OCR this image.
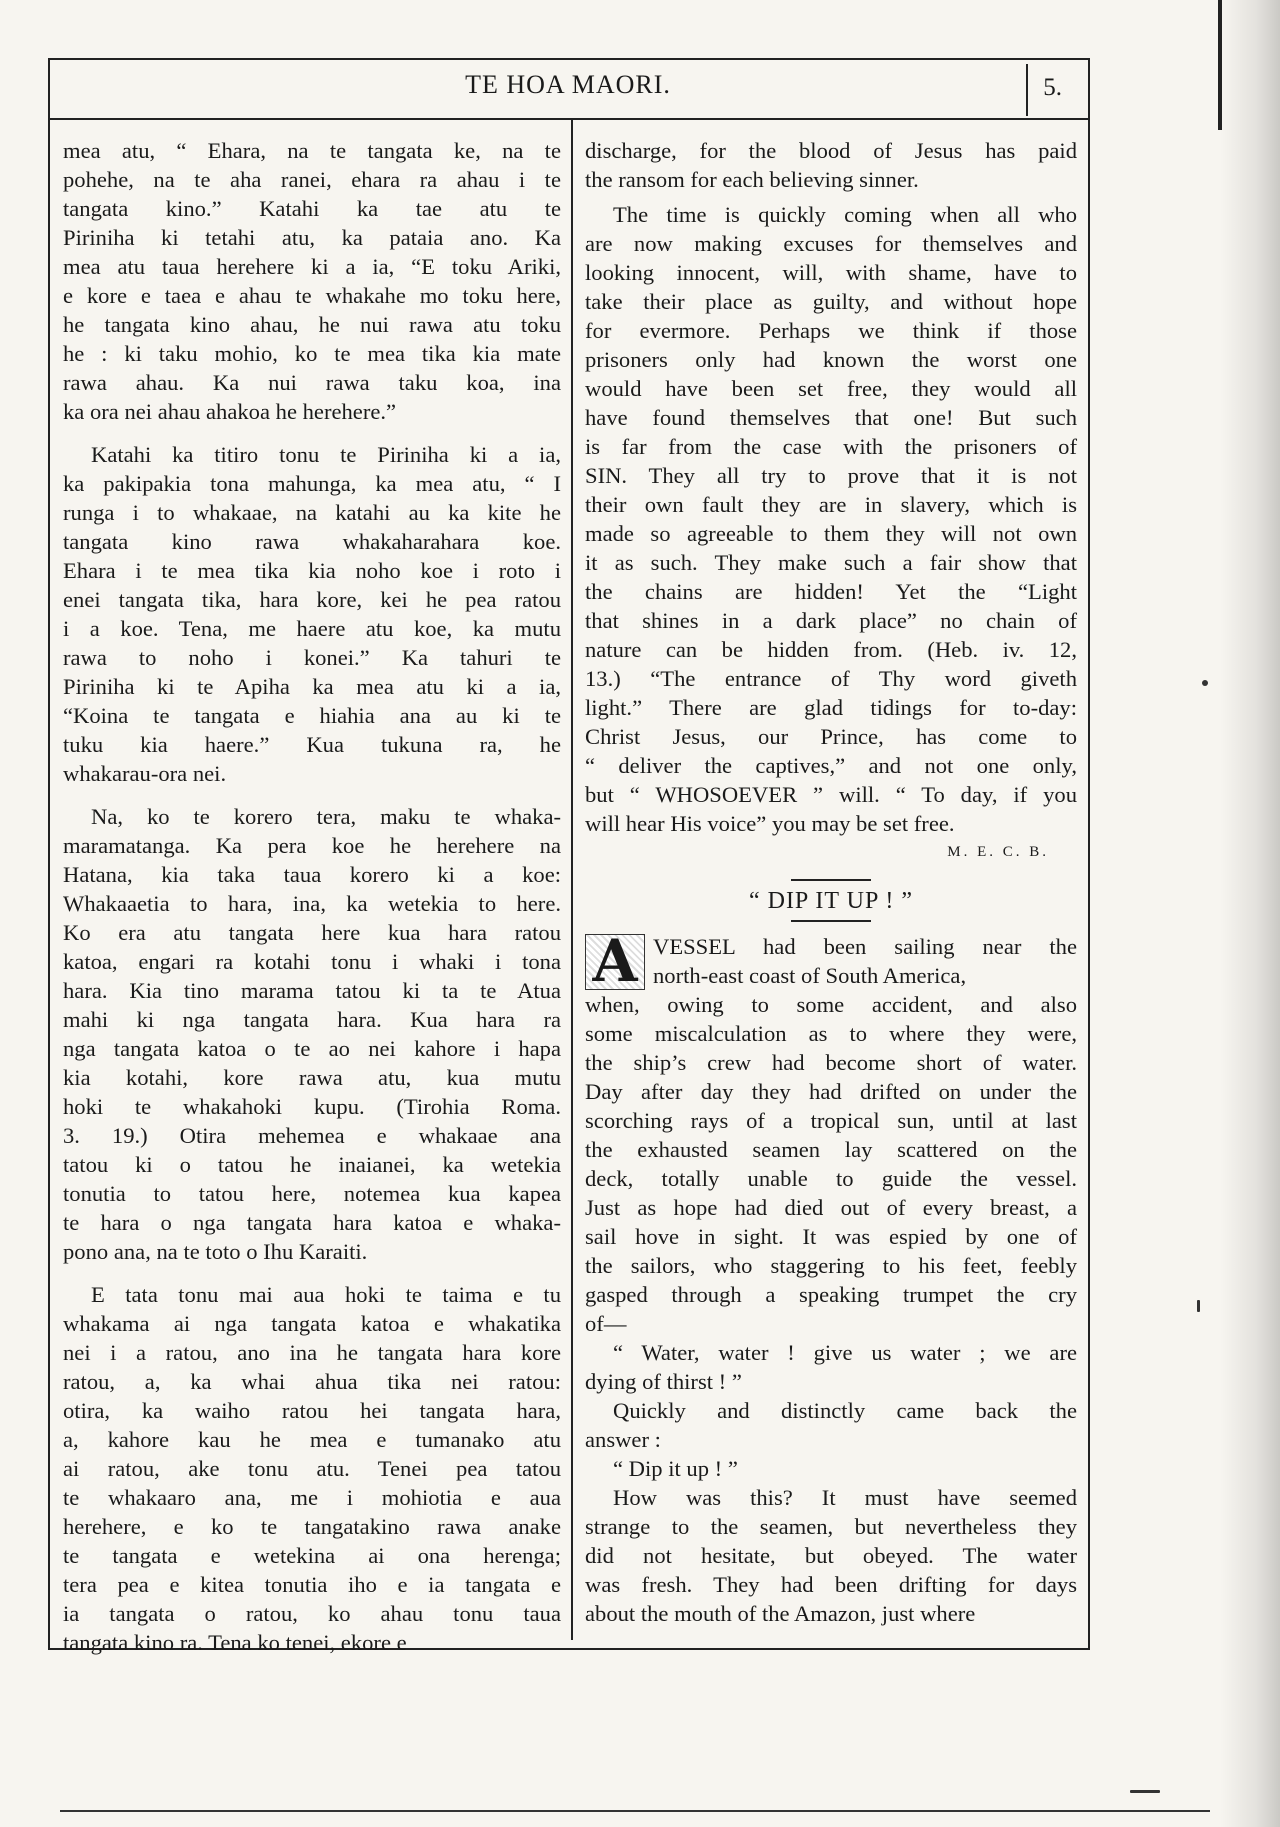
TE HOA MAORI.	5.

mea atu, “ Ehara, na te tangata ke, na te

pohehe, na te aha ranei, ehara ra ahau i te

tangata kino.” Katahi ka tae atu te

Piriniha ki tetahi atu, ka pataia ano. Ka

mea atu taua herehere ki a ia, “E toku Ariki,

e kore e taea e ahau te whakahe mo toku here,

he tangata kino ahau, he nui rawa atu toku

he : ki taku mohio, ko te mea tika kia mate

rawa ahau. Ka nui rawa taku koa, ina

ka ora nei ahau ahakoa he herehere.”

Katahi ka titiro tonu te Piriniha ki a ia,

ka pakipakia tona mahunga, ka mea atu, “ I

runga i to whakaae, na katahi au ka kite he

tangata kino rawa whakaharahara koe.

Ehara i te mea tika kia noho koe i roto i

enei tangata tika, hara kore, kei he pea ratou

i a koe. Tena, me haere atu koe, ka mutu

rawa to noho i konei.” Ka tahuri te

Piriniha ki te Apiha ka mea atu ki a ia,

“Koina te tangata e hiahia ana au ki te

tuku kia haere.” Kua tukuna ra, he

whakarau-ora nei.

Na, ko te korero tera, maku te whaka-

maramatanga. Ka pera koe he herehere na

Hatana, kia taka taua korero ki a koe:

Whakaaetia to hara, ina, ka wetekia to here.

Ko era atu tangata here kua hara ratou

katoa, engari ra kotahi tonu i whaki i tona

hara. Kia tino marama tatou ki ta te Atua

mahi ki nga tangata hara. Kua hara ra

nga tangata katoa o te ao nei kahore i hapa

kia kotahi, kore rawa atu, kua mutu

hoki te whakahoki kupu. (Tirohia Roma.

3. 19.) Otira mehemea e whakaae ana

tatou ki o tatou he inaianei, ka wetekia

tonutia to tatou here, notemea kua kapea

te hara o nga tangata hara katoa e whaka-

pono ana, na te toto o Ihu Karaiti.

E tata tonu mai aua hoki te taima e tu

whakama ai nga tangata katoa e whakatika

nei i a ratou, ano ina he tangata hara kore

ratou, a, ka whai ahua tika nei ratou:

otira, ka waiho ratou hei tangata hara,

a, kahore kau he mea e tumanako atu

ai ratou, ake tonu atu. Tenei pea tatou

te whakaaro ana, me i mohiotia e aua

herehere, e ko te tangatakino rawa anake

te tangata e wetekina ai ona herenga;

tera pea e kitea tonutia iho e ia tangata e

ia tangata o ratou, ko ahau tonu taua

tangata kino ra. Tena ko tenei, ekore e

discharge, for the blood of Jesus has paid

the ransom for each believing sinner.

The time is quickly coming when all who

are now making excuses for themselves and

looking innocent, will, with shame, have to

take their place as guilty, and without hope

for evermore. Perhaps we think if those

prisoners only had known the worst one

would have been set free, they would all

have found themselves that one! But such

is far from the case with the prisoners of

SIN. They all try to prove that it is not

their own fault they are in slavery, which is

made so agreeable to them they will not own

it as such. They make such a fair show that

the chains are hidden! Yet the “Light

that shines in a dark place” no chain of

nature can be hidden from. (Heb. iv. 12,

13.) “The entrance of Thy word giveth

light.” There are glad tidings for to-day:

Christ Jesus, our Prince, has come to

“ deliver the captives,” and not one only,

but “ WHOSOEVER ” will. “ To day, if you

will hear His voice” you may be set free.

M. E. C. B.

“ DIP IT UP ! ”

A VESSEL had been sailing near the

north-east coast of South America,

when, owing to some accident, and also

some miscalculation as to where they were,

the ship’s crew had become short of water.

Day after day they had drifted on under the

scorching rays of a tropical sun, until at last

the exhausted seamen lay scattered on the

deck, totally unable to guide the vessel.

Just as hope had died out of every breast, a

sail hove in sight. It was espied by one of

the sailors, who staggering to his feet, feebly

gasped through a speaking trumpet the cry

of—

“ Water, water ! give us water ; we are

dying of thirst ! ”

Quickly and distinctly came back the

answer :

“ Dip it up ! ”

How was this? It must have seemed

strange to the seamen, but nevertheless they

did not hesitate, but obeyed. The water

was fresh. They had been drifting for days

about the mouth of the Amazon, just where
